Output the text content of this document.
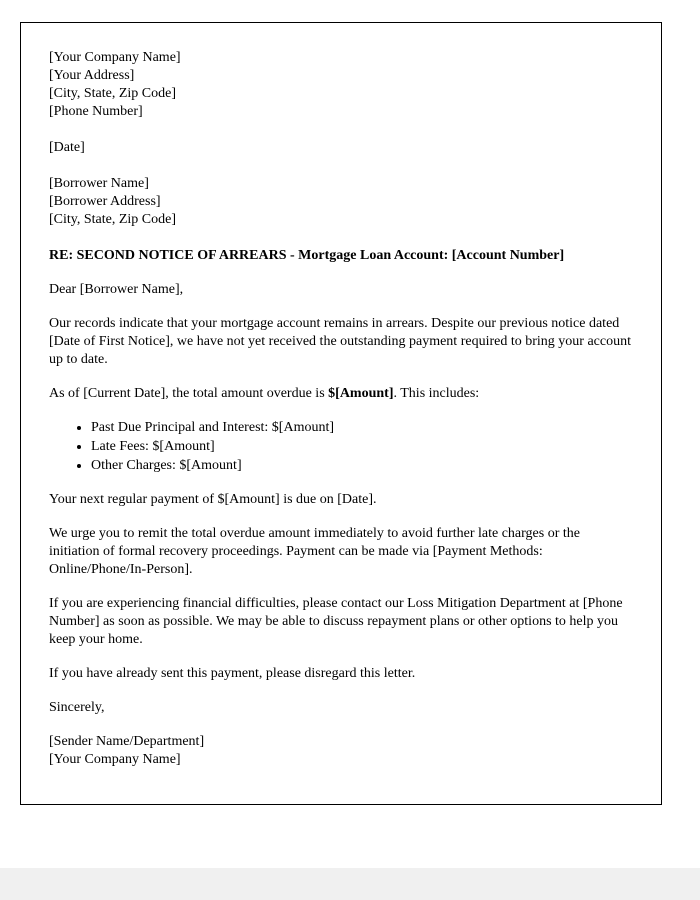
[Your Company Name]
[Your Address]
[City, State, Zip Code]
[Phone Number]
[Date]
[Borrower Name]
[Borrower Address]
[City, State, Zip Code]

RE: SECOND NOTICE OF ARREARS - Mortgage Loan Account: [Account Number]

Dear [Borrower Name],

Our records indicate that your mortgage account remains in arrears. Despite our previous notice dated [Date of First Notice], we have not yet received the outstanding payment required to bring your account up to date.

As of [Current Date], the total amount overdue is $[Amount]. This includes:

• Past Due Principal and Interest: $[Amount]
• Late Fees: $[Amount]
• Other Charges: $[Amount]

Your next regular payment of $[Amount] is due on [Date].

We urge you to remit the total overdue amount immediately to avoid further late charges or the initiation of formal recovery proceedings. Payment can be made via [Payment Methods: Online/Phone/In-Person].

If you are experiencing financial difficulties, please contact our Loss Mitigation Department at [Phone Number] as soon as possible. We may be able to discuss repayment plans or other options to help you keep your home.

If you have already sent this payment, please disregard this letter.

Sincerely,

[Sender Name/Department]
[Your Company Name]
